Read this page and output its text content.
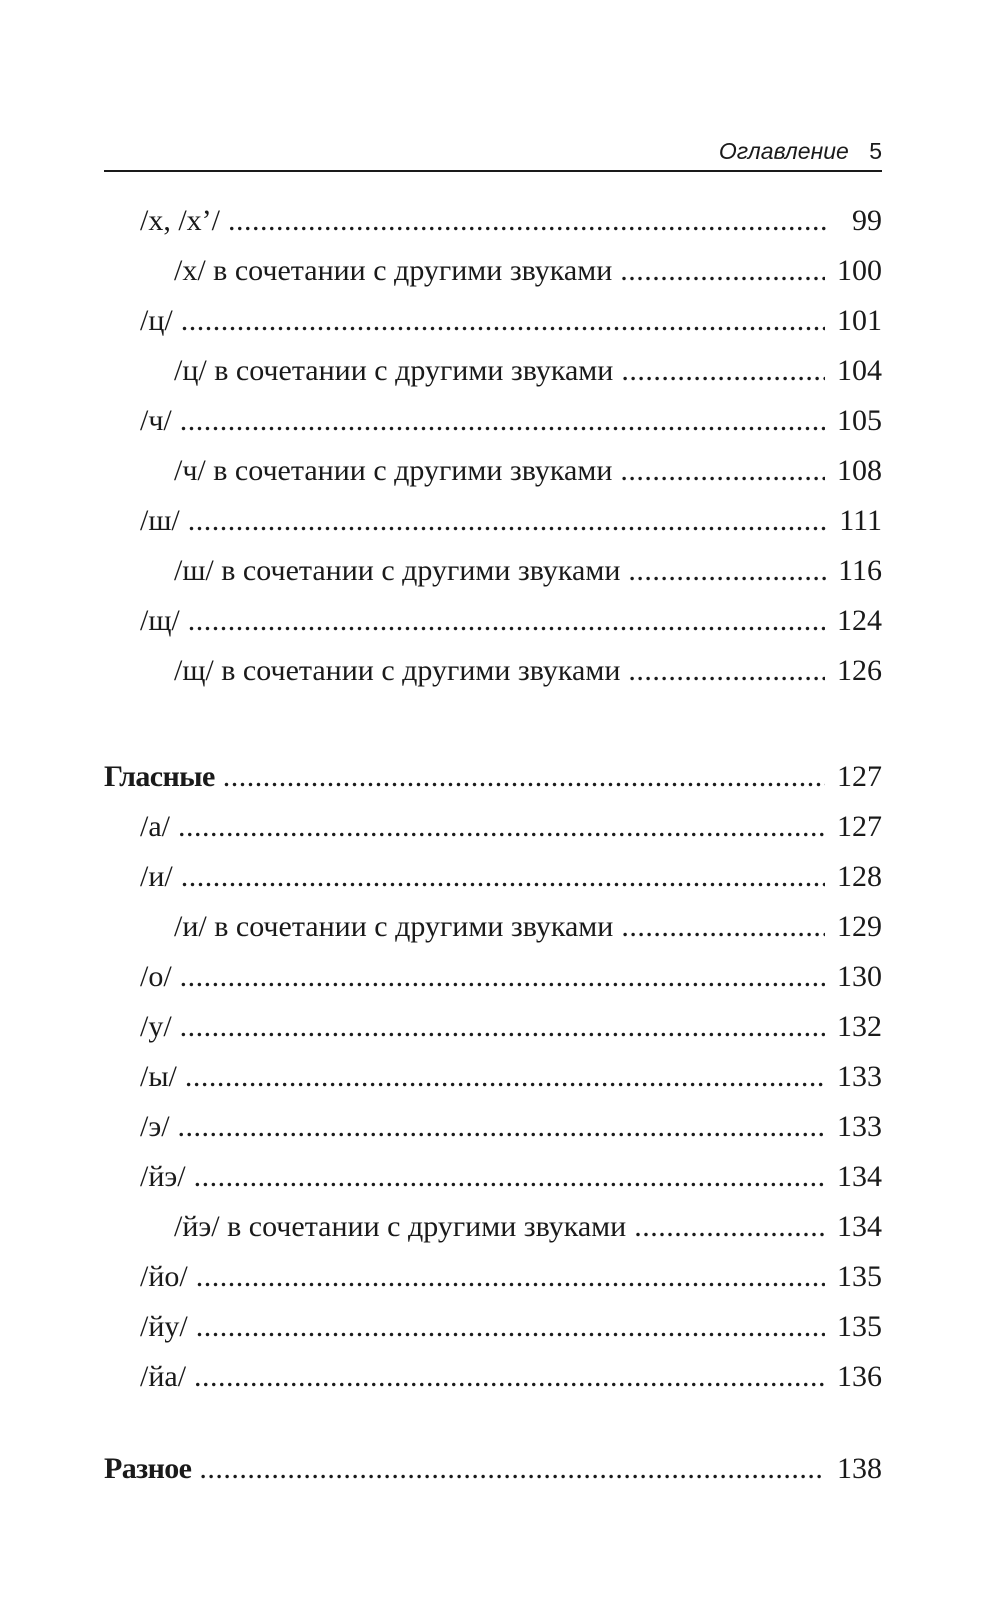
Оглавление 5
/х, /х’/ .....	99
/х/ в сочетании с другими звуками .....	100
/ц/ .....	101
/ц/ в сочетании с другими звуками .....	104
/ч/ .....	105
/ч/ в сочетании с другими звуками .....	108
/ш/ .....	111
/ш/ в сочетании с другими звуками .....	116
/щ/ .....	124
/щ/ в сочетании с другими звуками .....	126
Гласные .....	127
/а/ .....	127
/и/ .....	128
/и/ в сочетании с другими звуками .....	129
/о/ .....	130
/у/ .....	132
/ы/ .....	133
/э/ .....	133
/йэ/ .....	134
/йэ/ в сочетании с другими звуками .....	134
/йо/ .....	135
/йу/ .....	135
/йа/ .....	136
Разное .....	138
